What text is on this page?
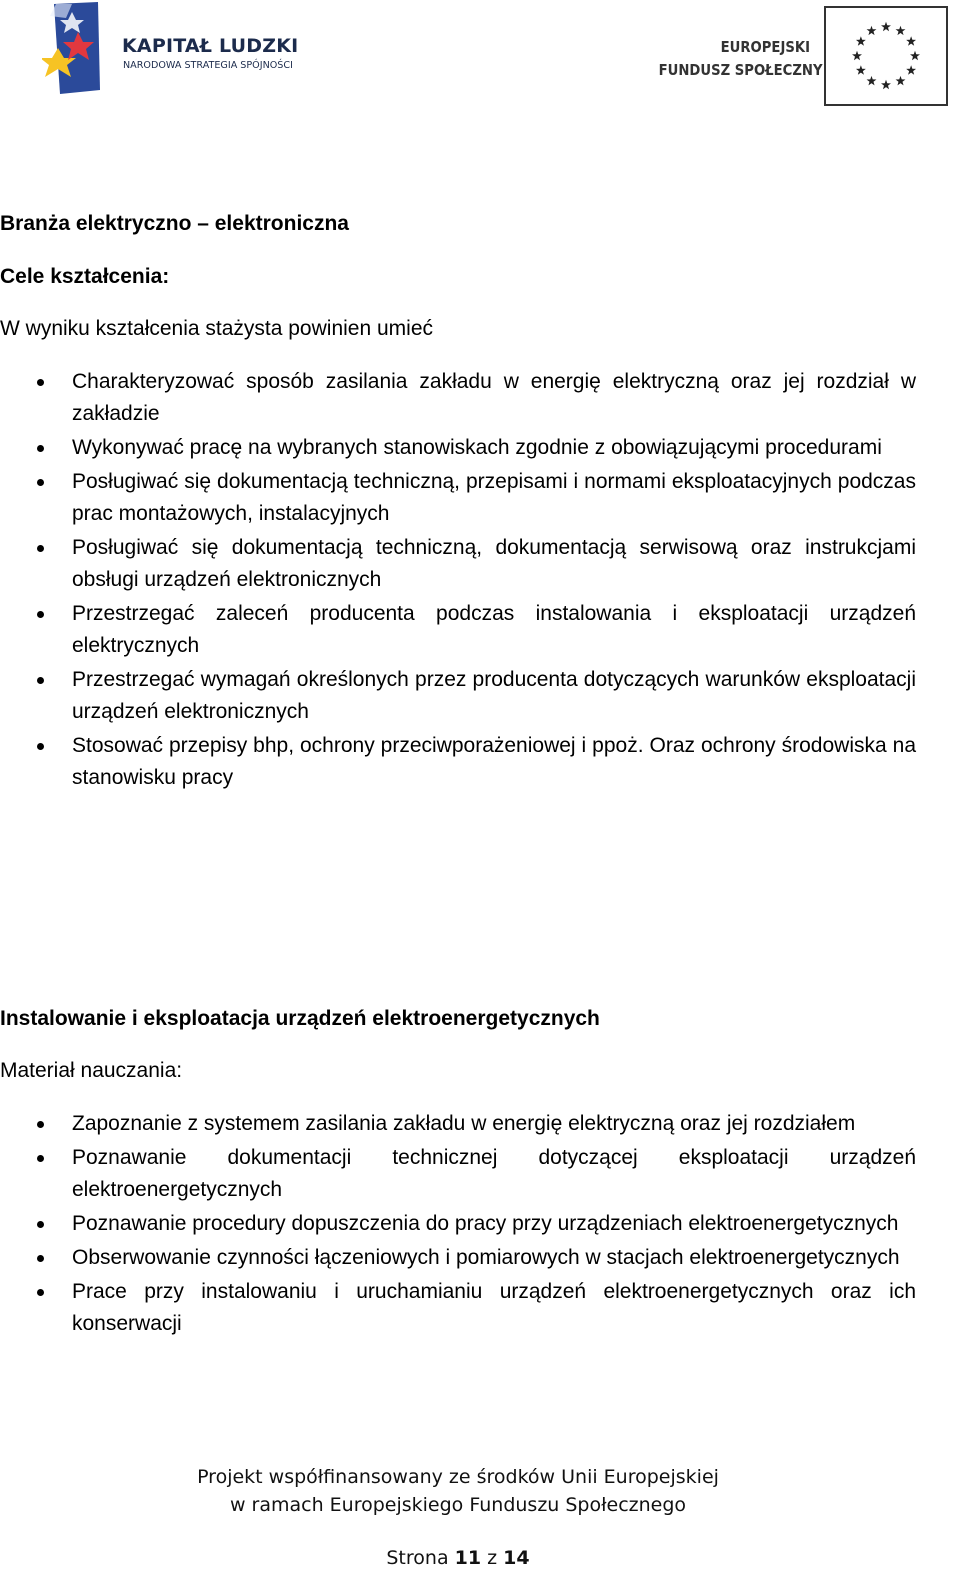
KAPITAŁ LUDZKI
NARODOWA STRATEGIA SPÓJNOŚCI
EUROPEJSKI
FUNDUSZ SPOŁECZNY
Branża elektryczno – elektroniczna
Cele kształcenia:
W wyniku kształcenia stażysta powinien umieć
Charakteryzować sposób zasilania zakładu w energię elektryczną oraz jej rozdział w zakładzie
Wykonywać pracę na wybranych stanowiskach zgodnie z obowiązującymi procedurami
Posługiwać się dokumentacją techniczną, przepisami i normami eksploatacyjnych podczas prac montażowych, instalacyjnych
Posługiwać się dokumentacją techniczną, dokumentacją serwisową oraz instrukcjami obsługi urządzeń elektronicznych
Przestrzegać zaleceń producenta podczas instalowania i eksploatacji urządzeń elektrycznych
Przestrzegać wymagań określonych przez producenta dotyczących warunków eksploatacji urządzeń elektronicznych
Stosować przepisy bhp, ochrony przeciwporażeniowej i ppoż. Oraz ochrony środowiska na stanowisku pracy
Instalowanie i eksploatacja urządzeń elektroenergetycznych
Materiał nauczania:
Zapoznanie z systemem zasilania zakładu w energię elektryczną oraz jej rozdziałem
Poznawanie dokumentacji technicznej dotyczącej eksploatacji urządzeń elektroenergetycznych
Poznawanie procedury dopuszczenia do pracy przy urządzeniach elektroenergetycznych
Obserwowanie czynności łączeniowych i pomiarowych w stacjach elektroenergetycznych
Prace przy instalowaniu i uruchamianiu urządzeń elektroenergetycznych oraz ich konserwacji
Projekt współfinansowany ze środków Unii Europejskiej
w ramach Europejskiego Funduszu Społecznego
Strona 11 z 14
